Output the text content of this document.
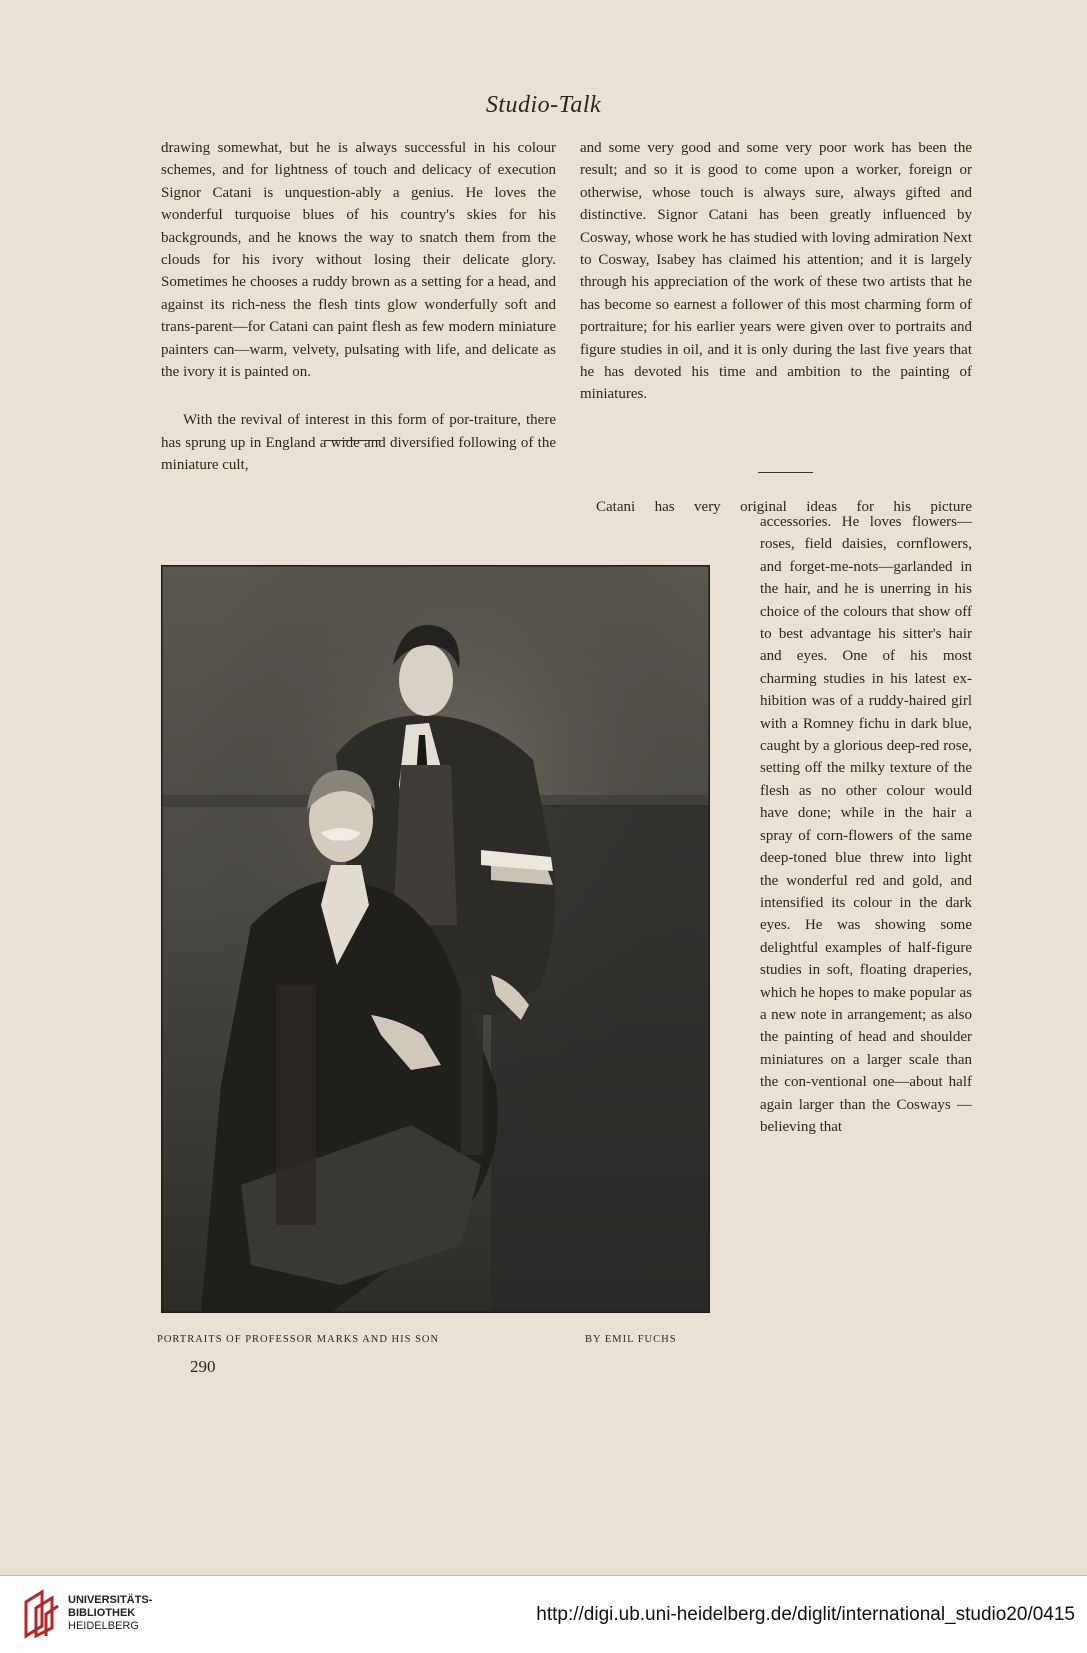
Studio-Talk

drawing somewhat, but he is always successful in his colour schemes, and for lightness of touch and delicacy of execution Signor Catani is unquestion-ably a genius. He loves the wonderful turquoise blues of his country's skies for his backgrounds, and he knows the way to snatch them from the clouds for his ivory without losing their delicate glory. Sometimes he chooses a ruddy brown as a setting for a head, and against its rich-ness the flesh tints glow wonderfully soft and trans-parent—for Catani can paint flesh as few modern miniature painters can—warm, velvety, pulsating with life, and delicate as the ivory it is painted on.

With the revival of interest in this form of por-traiture, there has sprung up in England a wide and diversified following of the miniature cult,

and some very good and some very poor work has been the result; and so it is good to come upon a worker, foreign or otherwise, whose touch is always sure, always gifted and distinctive. Signor Catani has been greatly influenced by Cosway, whose work he has studied with loving admiration Next to Cosway, Isabey has claimed his attention; and it is largely through his appreciation of the work of these two artists that he has become so earnest a follower of this most charming form of portraiture; for his earlier years were given over to portraits and figure studies in oil, and it is only during the last five years that he has devoted his time and ambition to the painting of miniatures.

Catani has very original ideas for his picture

accessories. He loves flowers—roses, field daisies, cornflowers, and forget-me-nots—garlanded in the hair, and he is unerring in his choice of the colours that show off to best advantage his sitter's hair and eyes. One of his most charming studies in his latest ex-hibition was of a ruddy-haired girl with a Romney fichu in dark blue, caught by a glorious deep-red rose, setting off the milky texture of the flesh as no other colour would have done; while in the hair a spray of corn-flowers of the same deep-toned blue threw into light the wonderful red and gold, and intensified its colour in the dark eyes. He was showing some delightful examples of half-figure studies in soft, floating draperies, which he hopes to make popular as a new note in arrangement; as also the painting of head and shoulder miniatures on a larger scale than the con-ventional one—about half again larger than the Cosways — believing that

PORTRAITS OF PROFESSOR MARKS AND HIS SON	BY EMIL FUCHS
290
UNIVERSITÄTS-
BIBLIOTHEK
HEIDELBERG
http://digi.ub.uni-heidelberg.de/diglit/international_studio20/0415
